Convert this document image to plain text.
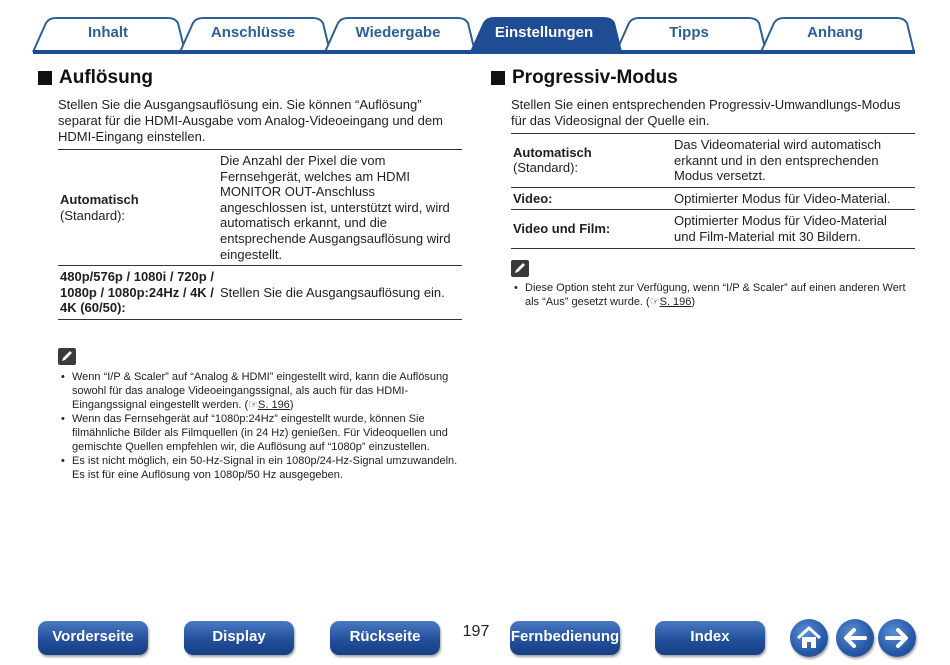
Inhalt	Anschlüsse	Wiedergabe	Einstellungen	Tipps	Anhang
Auflösung
Stellen Sie die Ausgangsauflösung ein. Sie können “Auflösung” separat für die HDMI-Ausgabe vom Analog-Videoeingang und dem HDMI-Eingang einstellen.
Automatisch
(Standard):	Die Anzahl der Pixel die vom Fernsehgerät, welches am HDMI MONITOR OUT-Anschluss angeschlossen ist, unterstützt wird, wird automatisch erkannt, und die entsprechende Ausgangsauflösung wird eingestellt.
480p/576p / 1080i / 720p / 1080p / 1080p:24Hz / 4K / 4K (60/50):	Stellen Sie die Ausgangsauflösung ein.
• Wenn “I/P & Scaler” auf “Analog & HDMI” eingestellt wird, kann die Auflösung sowohl für das analoge Videoeingangssignal, als auch für das HDMI-Eingangssignal eingestellt werden. (☞S. 196)
• Wenn das Fernsehgerät auf “1080p:24Hz” eingestellt wurde, können Sie filmähnliche Bilder als Filmquellen (in 24 Hz) genießen. Für Videoquellen und gemischte Quellen empfehlen wir, die Auflösung auf “1080p” einzustellen.
• Es ist nicht möglich, ein 50-Hz-Signal in ein 1080p/24-Hz-Signal umzuwandeln. Es ist für eine Auflösung von 1080p/50 Hz ausgegeben.
Progressiv-Modus
Stellen Sie einen entsprechenden Progressiv-Umwandlungs-Modus für das Videosignal der Quelle ein.
Automatisch
(Standard):	Das Videomaterial wird automatisch erkannt und in den entsprechenden Modus versetzt.
Video:	Optimierter Modus für Video-Material.
Video und Film:	Optimierter Modus für Video-Material und Film-Material mit 30 Bildern.
• Diese Option steht zur Verfügung, wenn “I/P & Scaler” auf einen anderen Wert als “Aus” gesetzt wurde. (☞S. 196)
Vorderseite	Display	Rückseite	197	Fernbedienung	Index
